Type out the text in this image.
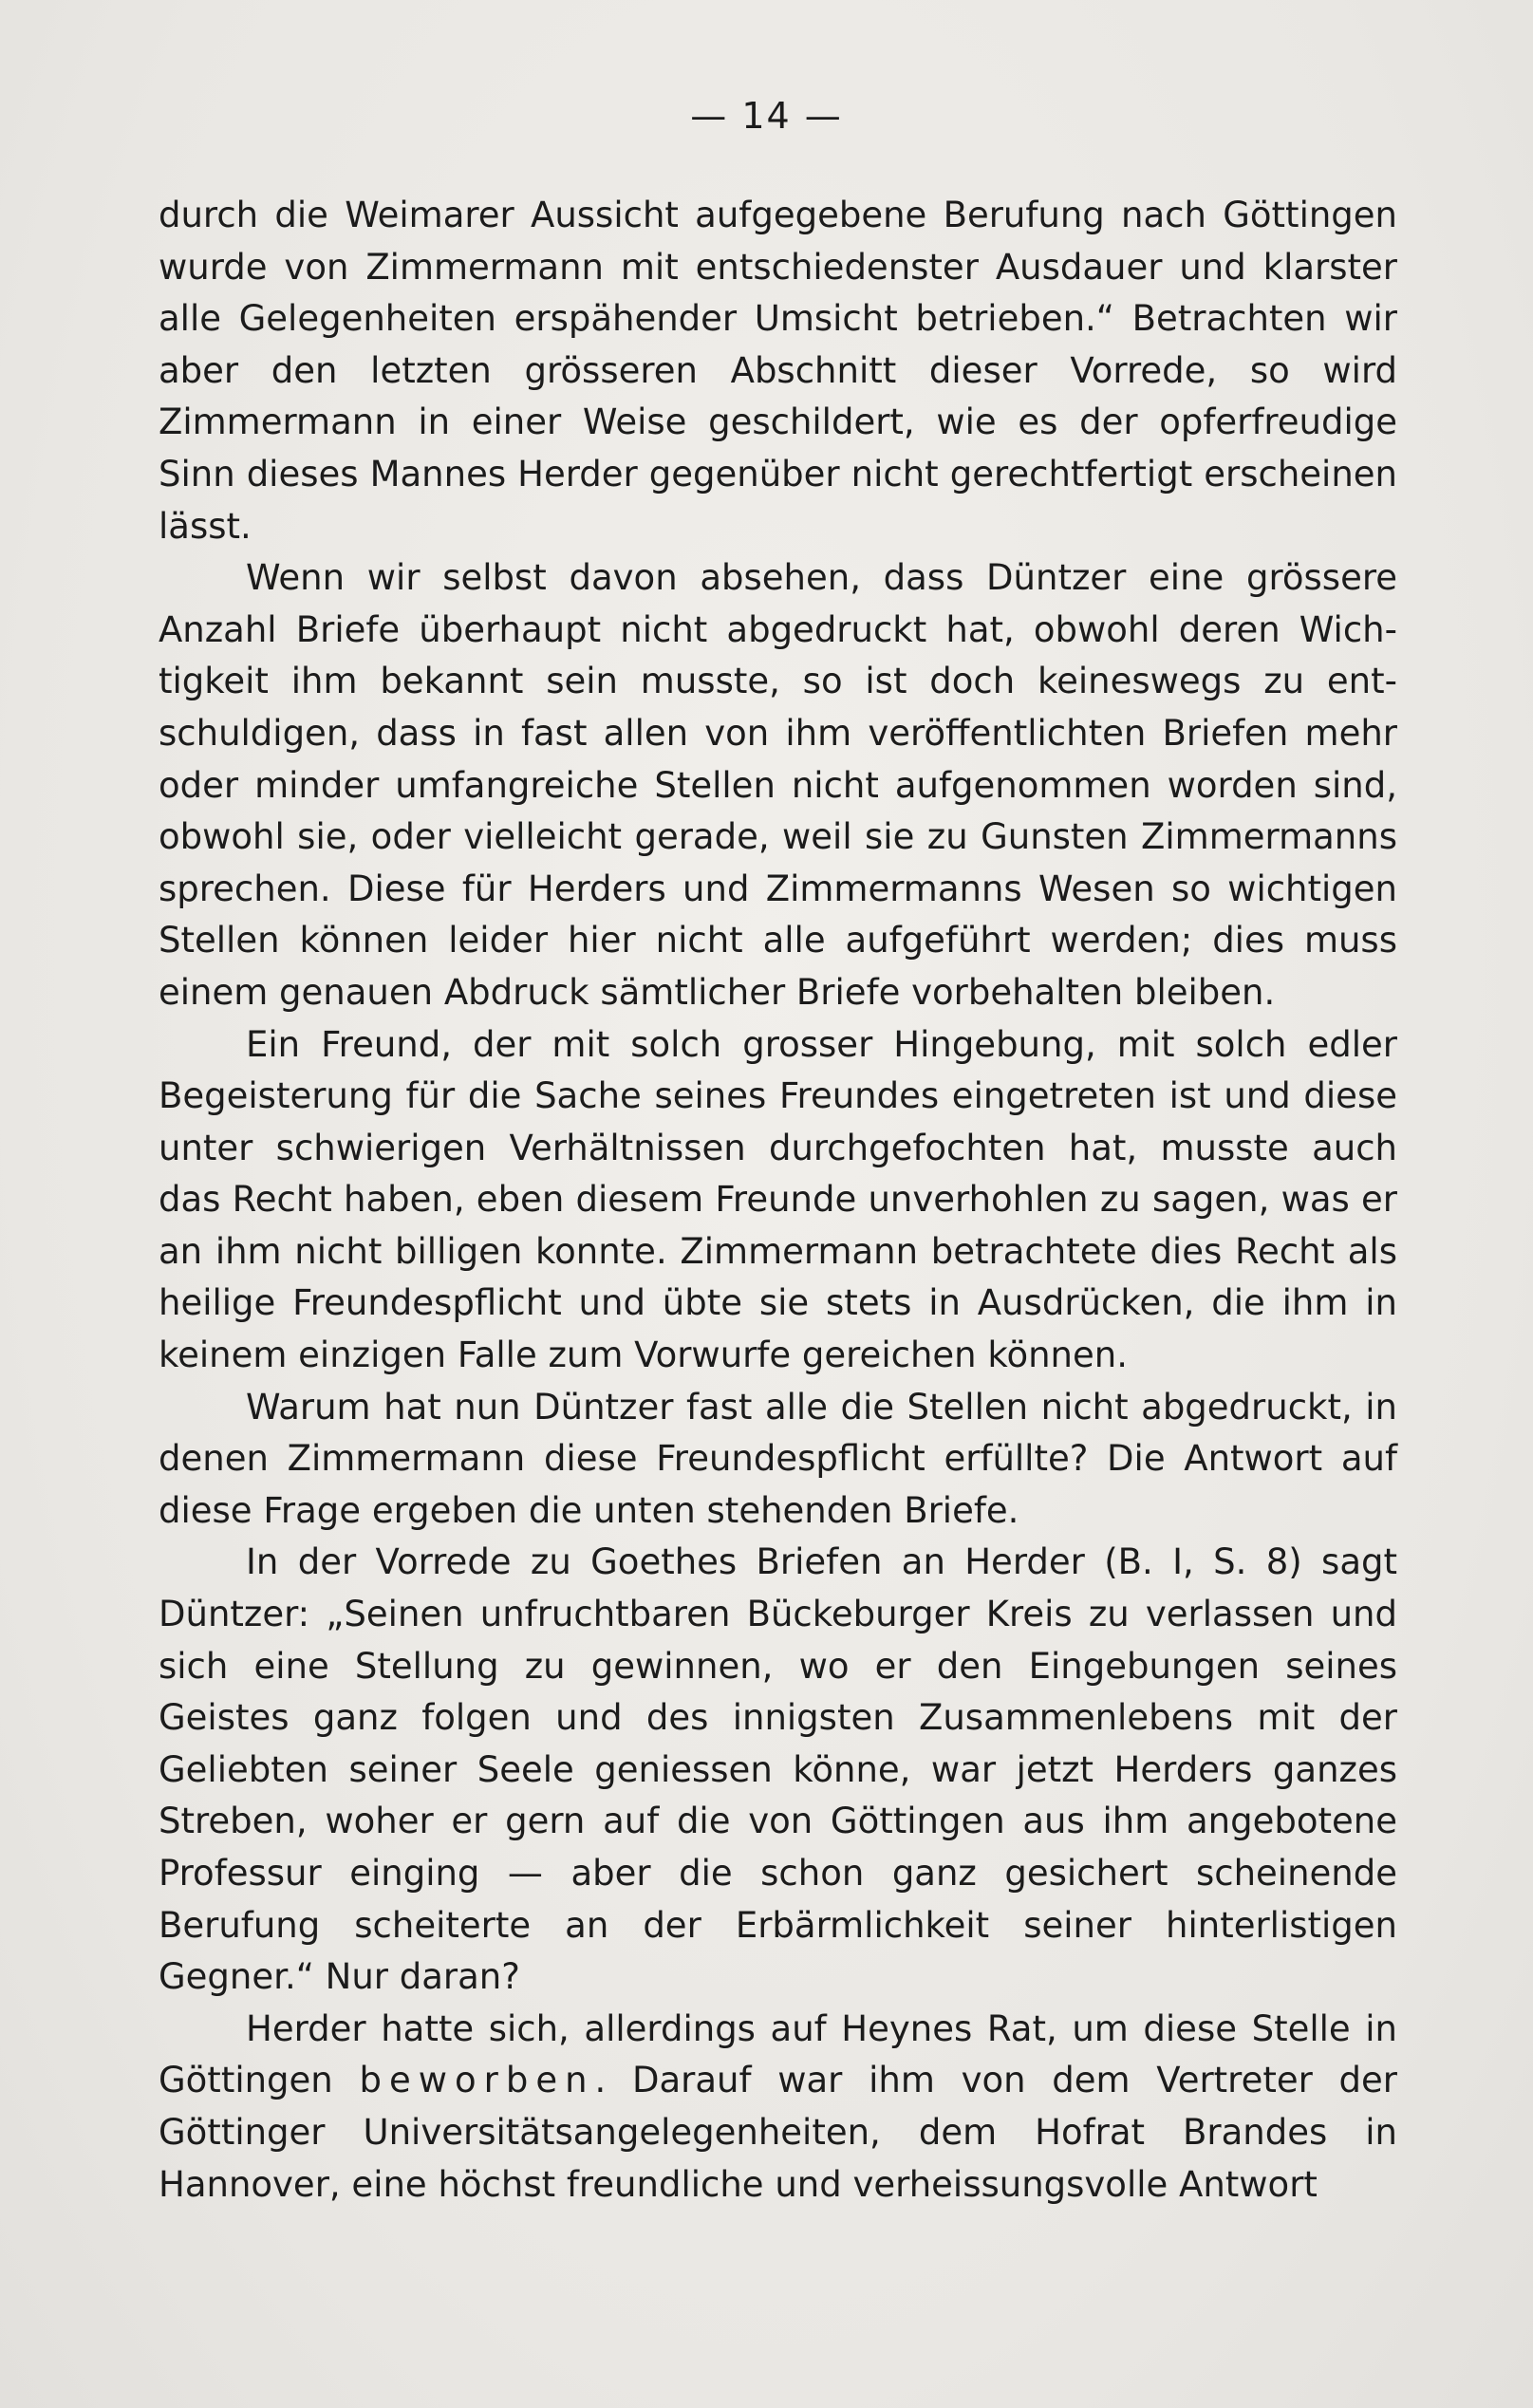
— 14 —

durch die Weimarer Aussicht aufgegebene Berufung nach Göttingen wurde von Zimmermann mit entschiedenster Ausdauer und klarster alle Gelegenheiten erspähender Umsicht betrieben.“ Betrachten wir aber den letzten grösseren Abschnitt dieser Vorrede, so wird Zimmermann in einer Weise geschildert, wie es der opferfreudige Sinn dieses Mannes Herder gegenüber nicht gerechtfertigt erscheinen lässt.

Wenn wir selbst davon absehen, dass Düntzer eine grössere Anzahl Briefe überhaupt nicht abgedruckt hat, obwohl deren Wichtigkeit ihm bekannt sein musste, so ist doch keineswegs zu entschuldigen, dass in fast allen von ihm veröffentlichten Briefen mehr oder minder umfangreiche Stellen nicht aufgenommen worden sind, obwohl sie, oder vielleicht gerade, weil sie zu Gunsten Zimmermanns sprechen. Diese für Herders und Zimmermanns Wesen so wichtigen Stellen können leider hier nicht alle aufgeführt werden; dies muss einem genauen Abdruck sämtlicher Briefe vorbehalten bleiben.

Ein Freund, der mit solch grosser Hingebung, mit solch edler Begeisterung für die Sache seines Freundes eingetreten ist und diese unter schwierigen Verhältnissen durchgefochten hat, musste auch das Recht haben, eben diesem Freunde unverhohlen zu sagen, was er an ihm nicht billigen konnte. Zimmermann betrachtete dies Recht als heilige Freundespflicht und übte sie stets in Ausdrücken, die ihm in keinem einzigen Falle zum Vorwurfe gereichen können.

Warum hat nun Düntzer fast alle die Stellen nicht abgedruckt, in denen Zimmermann diese Freundespflicht erfüllte? Die Antwort auf diese Frage ergeben die unten stehenden Briefe.

In der Vorrede zu Goethes Briefen an Herder (B. I, S. 8) sagt Düntzer: „Seinen unfruchtbaren Bückeburger Kreis zu verlassen und sich eine Stellung zu gewinnen, wo er den Eingebungen seines Geistes ganz folgen und des innigsten Zusammenlebens mit der Geliebten seiner Seele geniessen könne, war jetzt Herders ganzes Streben, woher er gern auf die von Göttingen aus ihm angebotene Professur einging — aber die schon ganz gesichert scheinende Berufung scheiterte an der Erbärmlichkeit seiner hinterlistigen Gegner.“ Nur daran?

Herder hatte sich, allerdings auf Heynes Rat, um diese Stelle in Göttingen beworben. Darauf war ihm von dem Vertreter der Göttinger Universitätsangelegenheiten, dem Hofrat Brandes in Hannover, eine höchst freundliche und verheissungsvolle Antwort
